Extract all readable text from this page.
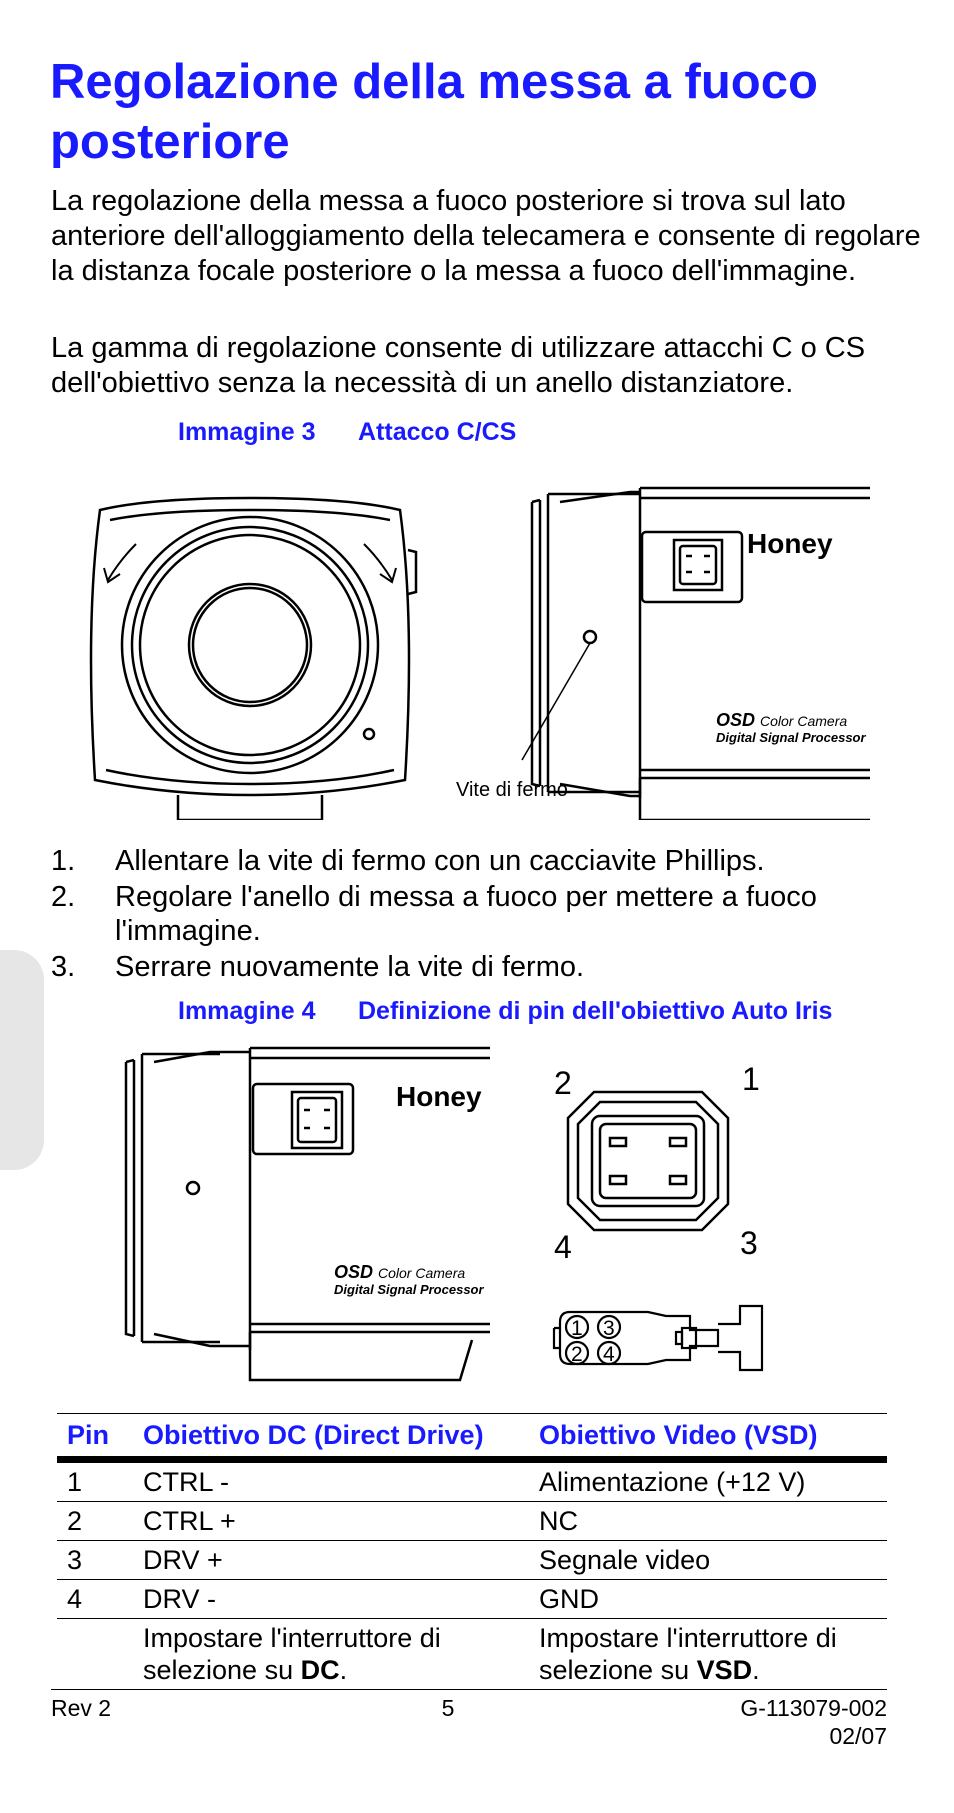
Regolazione della messa a fuoco posteriore

La regolazione della messa a fuoco posteriore si trova sul lato anteriore dell'alloggiamento della telecamera e consente di regolare la distanza focale posteriore o la messa a fuoco dell'immagine.

La gamma di regolazione consente di utilizzare attacchi C o CS dell'obiettivo senza la necessità di un anello distanziatore.

Immagine 3 Attacco C/CS
Honey
OSD Color Camera
Digital Signal Processor
Vite di fermo
1. Allentare la vite di fermo con un cacciavite Phillips.
2. Regolare l'anello di messa a fuoco per mettere a fuoco l'immagine.
3. Serrare nuovamente la vite di fermo.
Immagine 4 Definizione di pin dell'obiettivo Auto Iris
Honey
OSD Color Camera
Digital Signal Processor
2	1
4	3
1 3
2 4
Pin	Obiettivo DC (Direct Drive)	Obiettivo Video (VSD)
1	CTRL -	Alimentazione (+12 V)
2	CTRL +	NC
3	DRV +	Segnale video
4	DRV -	GND
	Impostare l'interruttore di selezione su DC.	Impostare l'interruttore di selezione su VSD.
Rev 2	5	G-113079-002
02/07
